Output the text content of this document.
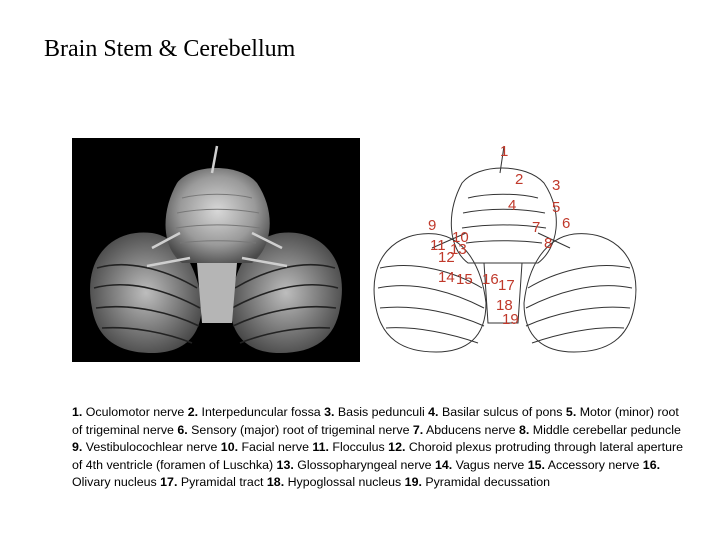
Brain Stem & Cerebellum
1
2 3
4 5
6
7
8
9
10
11
12
13
14 15 16 17
18
19
1. Oculomotor nerve 2. Interpeduncular fossa 3. Basis pedunculi 4. Basilar sulcus of pons 5. Motor (minor) root of trigeminal nerve 6. Sensory (major) root of trigeminal nerve 7. Abducens nerve 8. Middle cerebellar peduncle 9. Vestibulocochlear nerve 10. Facial nerve 11. Flocculus 12. Choroid plexus protruding through lateral aperture of 4th ventricle (foramen of Luschka) 13. Glossopharyngeal nerve 14. Vagus nerve 15. Accessory nerve 16. Olivary nucleus 17. Pyramidal tract 18. Hypoglossal nucleus 19. Pyramidal decussation
